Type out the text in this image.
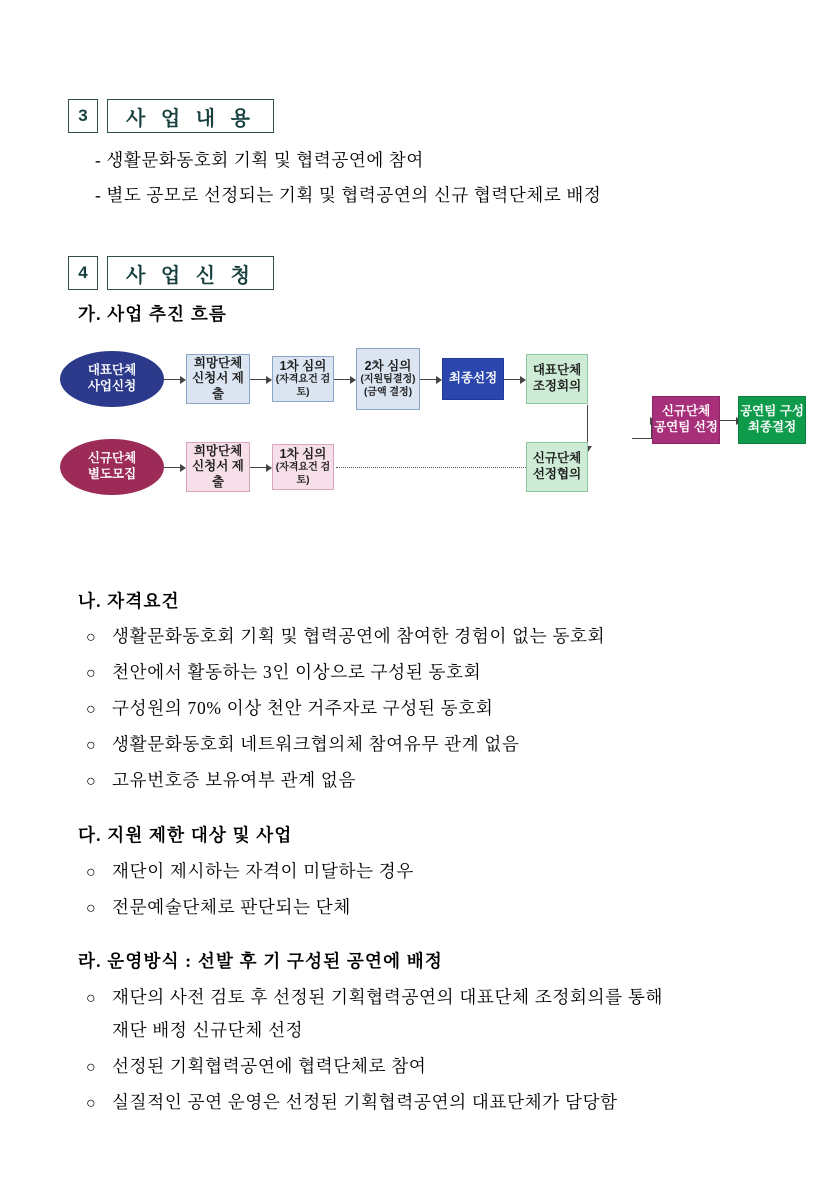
3	사 업 내 용
- 생활문화동호회 기획 및 협력공연에 참여
- 별도 공모로 선정되는 기획 및 협력공연의 신규 협력단체로 배정
4	사 업 신 청
가. 사업 추진 흐름
대표단체
사업신청
희망단체
신청서 제출
1차 심의
(자격요건 검토)
2차 심의
(지원팀결정)
(금액 결정)
최종선정
대표단체
조정회의
신규단체
별도모집
희망단체
신청서 제출
1차 심의
(자격요건 검토)
신규단체
선정협의
신규단체
공연팀 선정
공연팀 구성
최종결정
나. 자격요건
○ 생활문화동호회 기획 및 협력공연에 참여한 경험이 없는 동호회
○ 천안에서 활동하는 3인 이상으로 구성된 동호회
○ 구성원의 70% 이상 천안 거주자로 구성된 동호회
○ 생활문화동호회 네트워크협의체 참여유무 관계 없음
○ 고유번호증 보유여부 관계 없음
다. 지원 제한 대상 및 사업
○ 재단이 제시하는 자격이 미달하는 경우
○ 전문예술단체로 판단되는 단체
라. 운영방식 : 선발 후 기 구성된 공연에 배정
○ 재단의 사전 검토 후 선정된 기획협력공연의 대표단체 조정회의를 통해
재단 배정 신규단체 선정
○ 선정된 기획협력공연에 협력단체로 참여
○ 실질적인 공연 운영은 선정된 기획협력공연의 대표단체가 담당함
